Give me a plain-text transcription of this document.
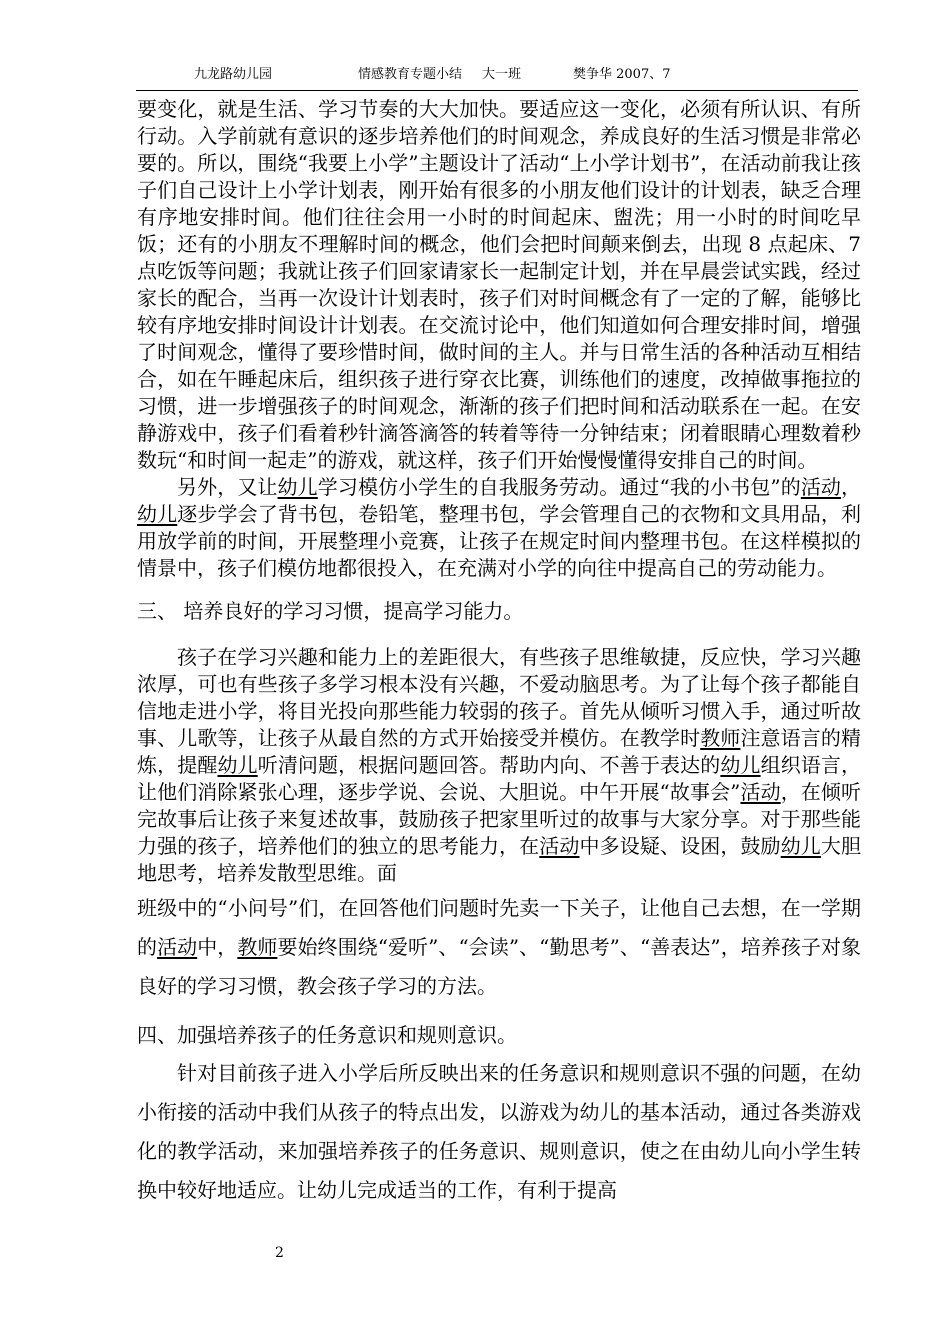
九龙路幼儿园	情感教育专题小结 大一班	樊争华 2007、7

要变化，就是生活、学习节奏的大大加快。要适应这一变化，必须有所认识、有所行动。入学前就有意识的逐步培养他们的时间观念，养成良好的生活习惯是非常必要的。所以，围绕“我要上小学”主题设计了活动“上小学计划书”，在活动前我让孩子们自己设计上小学计划表，刚开始有很多的小朋友他们设计的计划表，缺乏合理有序地安排时间。他们往往会用一小时的时间起床、盥洗；用一小时的时间吃早饭；还有的小朋友不理解时间的概念，他们会把时间颠来倒去，出现 8 点起床、7 点吃饭等问题；我就让孩子们回家请家长一起制定计划，并在早晨尝试实践，经过家长的配合，当再一次设计计划表时，孩子们对时间概念有了一定的了解，能够比较有序地安排时间设计计划表。在交流讨论中，他们知道如何合理安排时间，增强了时间观念，懂得了要珍惜时间，做时间的主人。并与日常生活的各种活动互相结合，如在午睡起床后，组织孩子进行穿衣比赛，训练他们的速度，改掉做事拖拉的习惯，进一步增强孩子的时间观念，渐渐的孩子们把时间和活动联系在一起。在安静游戏中，孩子们看着秒针滴答滴答的转着等待一分钟结束；闭着眼睛心理数着秒数玩“和时间一起走”的游戏，就这样，孩子们开始慢慢懂得安排自己的时间。

另外，又让幼儿学习模仿小学生的自我服务劳动。通过“我的小书包”的活动，幼儿逐步学会了背书包，卷铅笔，整理书包，学会管理自己的衣物和文具用品，利用放学前的时间，开展整理小竞赛，让孩子在规定时间内整理书包。在这样模拟的情景中，孩子们模仿地都很投入，在充满对小学的向往中提高自己的劳动能力。

三、 培养良好的学习习惯，提高学习能力。

孩子在学习兴趣和能力上的差距很大，有些孩子思维敏捷，反应快，学习兴趣浓厚，可也有些孩子多学习根本没有兴趣，不爱动脑思考。为了让每个孩子都能自信地走进小学，将目光投向那些能力较弱的孩子。首先从倾听习惯入手，通过听故事、儿歌等，让孩子从最自然的方式开始接受并模仿。在教学时教师注意语言的精炼，提醒幼儿听清问题，根据问题回答。帮助内向、不善于表达的幼儿组织语言，让他们消除紧张心理，逐步学说、会说、大胆说。中午开展“故事会”活动，在倾听完故事后让孩子来复述故事，鼓励孩子把家里听过的故事与大家分享。对于那些能力强的孩子，培养他们的独立的思考能力，在活动中多设疑、设困，鼓励幼儿大胆地思考，培养发散型思维。面

班级中的“小问号”们，在回答他们问题时先卖一下关子，让他自己去想，在一学期的活动中，教师要始终围绕“爱听”、“会读”、“勤思考”、“善表达”，培养孩子对象良好的学习习惯，教会孩子学习的方法。

四、加强培养孩子的任务意识和规则意识。

针对目前孩子进入小学后所反映出来的任务意识和规则意识不强的问题，在幼小衔接的活动中我们从孩子的特点出发，以游戏为幼儿的基本活动，通过各类游戏化的教学活动，来加强培养孩子的任务意识、规则意识，使之在由幼儿向小学生转换中较好地适应。让幼儿完成适当的工作，有利于提高

2
